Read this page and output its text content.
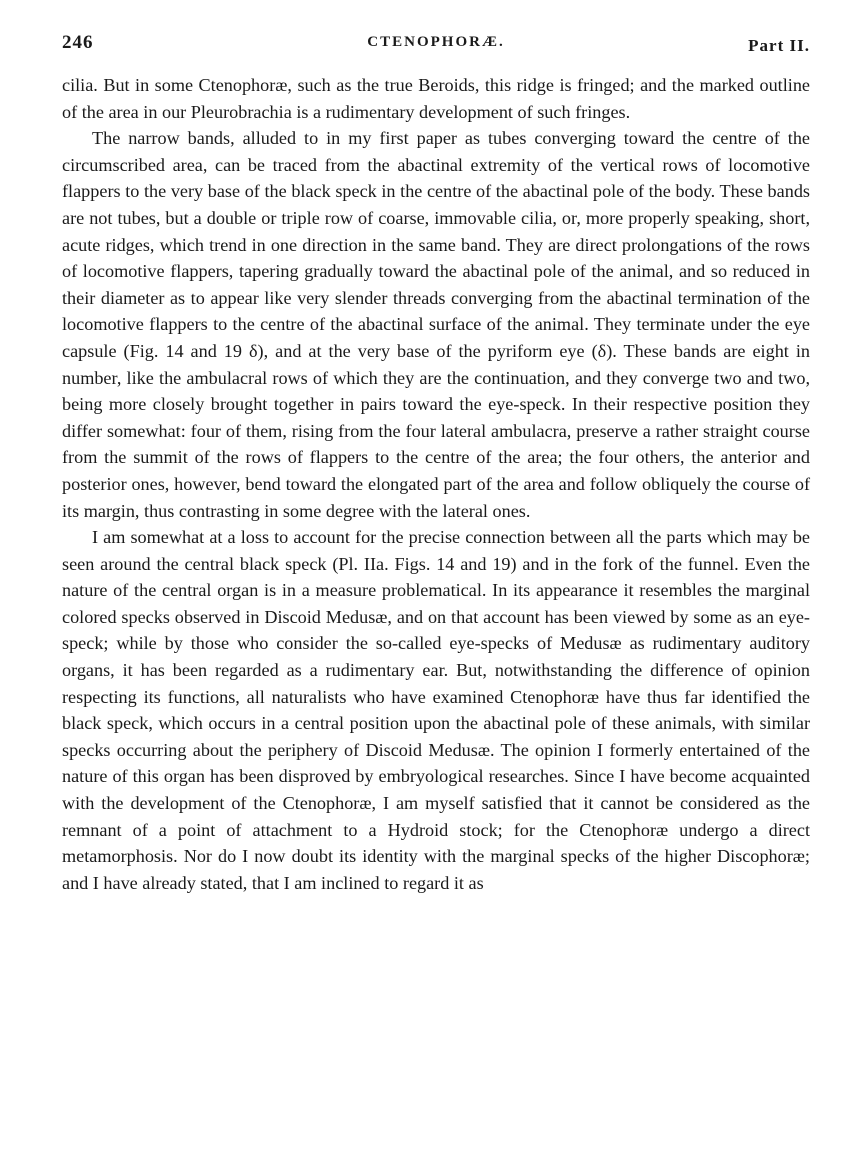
246	CTENOPHORÆ.	Part II.

cilia. But in some Ctenophoræ, such as the true Beroids, this ridge is fringed; and the marked outline of the area in our Pleurobrachia is a rudimentary development of such fringes.

The narrow bands, alluded to in my first paper as tubes converging toward the centre of the circumscribed area, can be traced from the abactinal extremity of the vertical rows of locomotive flappers to the very base of the black speck in the centre of the abactinal pole of the body. These bands are not tubes, but a double or triple row of coarse, immovable cilia, or, more properly speaking, short, acute ridges, which trend in one direction in the same band. They are direct prolongations of the rows of locomotive flappers, tapering gradually toward the abactinal pole of the animal, and so reduced in their diameter as to appear like very slender threads converging from the abactinal termination of the locomotive flappers to the centre of the abactinal surface of the animal. They terminate under the eye capsule (Fig. 14 and 19 δ), and at the very base of the pyriform eye (δ). These bands are eight in number, like the ambulacral rows of which they are the continuation, and they converge two and two, being more closely brought together in pairs toward the eye-speck. In their respective position they differ somewhat: four of them, rising from the four lateral ambulacra, preserve a rather straight course from the summit of the rows of flappers to the centre of the area; the four others, the anterior and posterior ones, however, bend toward the elongated part of the area and follow obliquely the course of its margin, thus contrasting in some degree with the lateral ones.

I am somewhat at a loss to account for the precise connection between all the parts which may be seen around the central black speck (Pl. IIa. Figs. 14 and 19) and in the fork of the funnel. Even the nature of the central organ is in a measure problematical. In its appearance it resembles the marginal colored specks observed in Discoid Medusæ, and on that account has been viewed by some as an eye-speck; while by those who consider the so-called eye-specks of Medusæ as rudimentary auditory organs, it has been regarded as a rudimentary ear. But, notwithstanding the difference of opinion respecting its functions, all naturalists who have examined Ctenophoræ have thus far identified the black speck, which occurs in a central position upon the abactinal pole of these animals, with similar specks occurring about the periphery of Discoid Medusæ. The opinion I formerly entertained of the nature of this organ has been disproved by embryological researches. Since I have become acquainted with the development of the Ctenophoræ, I am myself satisfied that it cannot be considered as the remnant of a point of attachment to a Hydroid stock; for the Ctenophoræ undergo a direct metamorphosis. Nor do I now doubt its identity with the marginal specks of the higher Discophoræ; and I have already stated, that I am inclined to regard it as
